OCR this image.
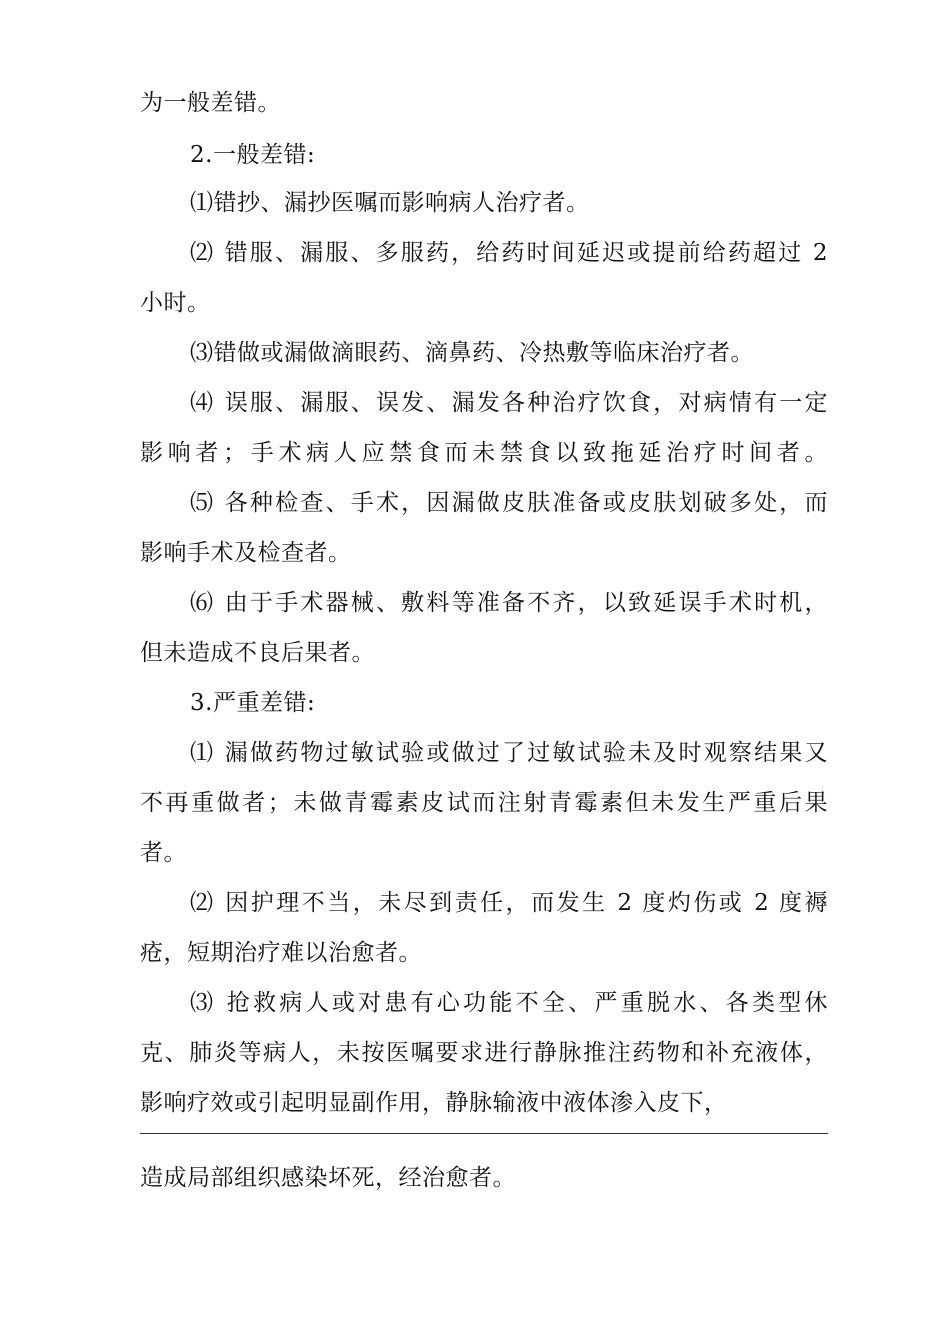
为一般差错。
2.一般差错:
⑴错抄、漏抄医嘱而影响病人治疗者。
⑵ 错服、漏服、多服药，给药时间延迟或提前给药超过 2
小时。
⑶错做或漏做滴眼药、滴鼻药、冷热敷等临床治疗者。
⑷ 误服、漏服、误发、漏发各种治疗饮食，对病情有一定
影响者；手术病人应禁食而未禁食以致拖延治疗时间者。
⑸ 各种检查、手术，因漏做皮肤准备或皮肤划破多处，而
影响手术及检查者。
⑹ 由于手术器械、敷料等准备不齐，以致延误手术时机，
但未造成不良后果者。
3.严重差错:
⑴ 漏做药物过敏试验或做过了过敏试验未及时观察结果又
不再重做者；未做青霉素皮试而注射青霉素但未发生严重后果
者。
⑵ 因护理不当，未尽到责任，而发生 2 度灼伤或 2 度褥
疮，短期治疗难以治愈者。
⑶ 抢救病人或对患有心功能不全、严重脱水、各类型休
克、肺炎等病人，未按医嘱要求进行静脉推注药物和补充液体，
影响疗效或引起明显副作用，静脉输液中液体渗入皮下，
造成局部组织感染坏死，经治愈者。
